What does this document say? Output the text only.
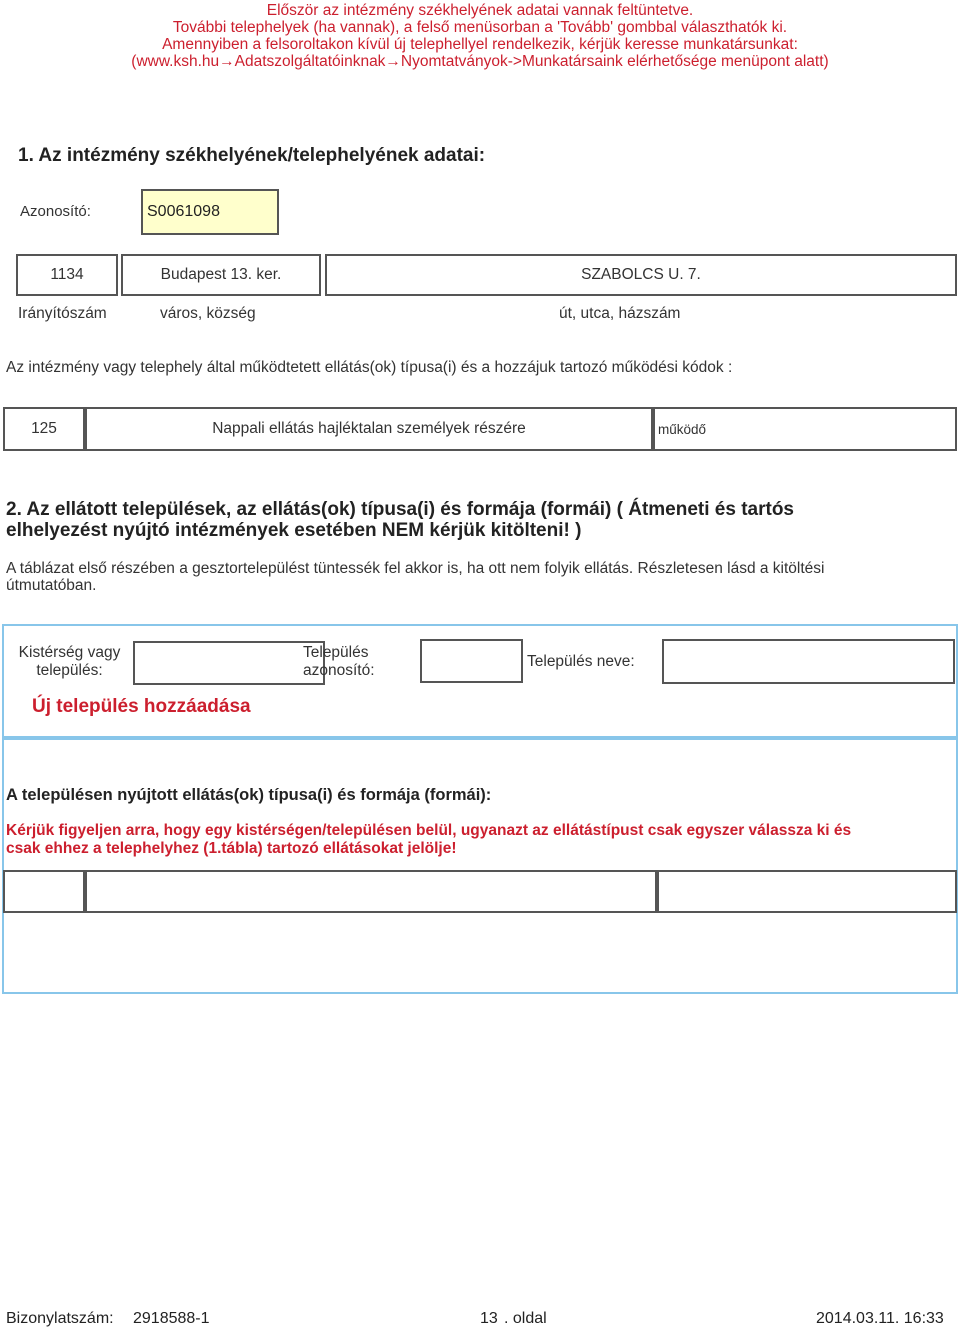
Először az intézmény székhelyének adatai vannak feltüntetve.
További telephelyek (ha vannak), a felső menüsorban a 'Tovább' gombbal választhatók ki.
Amennyiben a felsoroltakon kívül új telephellyel rendelkezik, kérjük keresse munkatársunkat:
(www.ksh.hu→Adatszolgáltatóinknak→Nyomtatványok->Munkatársaink elérhetősége menüpont alatt)
1. Az intézmény székhelyének/telephelyének adatai:
Azonosító:	S0061098
1134	Budapest 13. ker.	SZABOLCS U. 7.
Irányítószám	város, község	út, utca, házszám
Az intézmény vagy telephely által működtetett ellátás(ok) típusa(i) és a hozzájuk tartozó működési kódok :
125	Nappali ellátás hajléktalan személyek részére	működő
2. Az ellátott települések, az ellátás(ok) típusa(i) és formája (formái) ( Átmeneti és tartós
elhelyezést nyújtó intézmények esetében NEM kérjük kitölteni! )
A táblázat első részében a gesztortelepülést tüntessék fel akkor is, ha ott nem folyik ellátás. Részletesen lásd a kitöltési
útmutatóban.
Kistérség vagy
település:
Település
azonosító:
Település neve:
Új település hozzáadása
A településen nyújtott ellátás(ok) típusa(i) és formája (formái):
Kérjük figyeljen arra, hogy egy kistérségen/településen belül, ugyanazt az ellátástípust csak egyszer válassza ki és
csak ehhez a telephelyhez (1.tábla) tartozó ellátásokat jelölje!
Bizonylatszám: 2918588-1	13 . oldal	2014.03.11. 16:33
